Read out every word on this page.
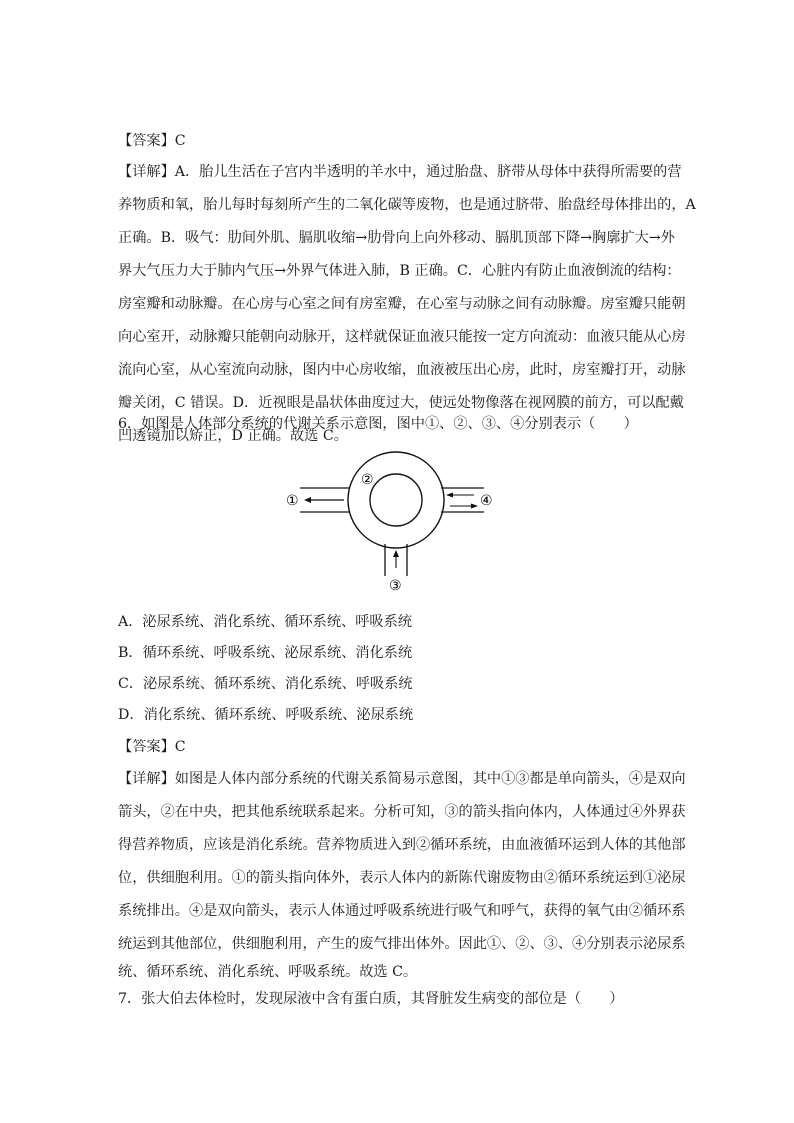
【答案】C
【详解】A．胎儿生活在子宫内半透明的羊水中，通过胎盘、脐带从母体中获得所需要的营
养物质和氧，胎儿每时每刻所产生的二氧化碳等废物，也是通过脐带、胎盘经母体排出的，A
正确。B．吸气：肋间外肌、膈肌收缩→肋骨向上向外移动、膈肌顶部下降→胸廓扩大→外
界大气压力大于肺内气压→外界气体进入肺，B 正确。C．心脏内有防止血液倒流的结构：
房室瓣和动脉瓣。在心房与心室之间有房室瓣，在心室与动脉之间有动脉瓣。房室瓣只能朝
向心室开，动脉瓣只能朝向动脉开，这样就保证血液只能按一定方向流动：血液只能从心房
流向心室，从心室流向动脉，图内中心房收缩，血液被压出心房，此时，房室瓣打开，动脉
瓣关闭，C 错误。D．近视眼是晶状体曲度过大，使远处物像落在视网膜的前方，可以配戴
凹透镜加以矫正，D 正确。故选 C。
6．如图是人体部分系统的代谢关系示意图，图中①、②、③、④分别表示（　　）
A．泌尿系统、消化系统、循环系统、呼吸系统
B．循环系统、呼吸系统、泌尿系统、消化系统
C．泌尿系统、循环系统、消化系统、呼吸系统
D．消化系统、循环系统、呼吸系统、泌尿系统
【答案】C
【详解】如图是人体内部分系统的代谢关系简易示意图，其中①③都是单向箭头，④是双向
箭头，②在中央，把其他系统联系起来。分析可知，③的箭头指向体内，人体通过④外界获
得营养物质，应该是消化系统。营养物质进入到②循环系统，由血液循环运到人体的其他部
位，供细胞利用。①的箭头指向体外，表示人体内的新陈代谢废物由②循环系统运到①泌尿
系统排出。④是双向箭头，表示人体通过呼吸系统进行吸气和呼气，获得的氧气由②循环系
统运到其他部位，供细胞利用，产生的废气排出体外。因此①、②、③、④分别表示泌尿系
统、循环系统、消化系统、呼吸系统。故选 C。
7．张大伯去体检时，发现尿液中含有蛋白质，其肾脏发生病变的部位是（　　）
①
②
③
④
